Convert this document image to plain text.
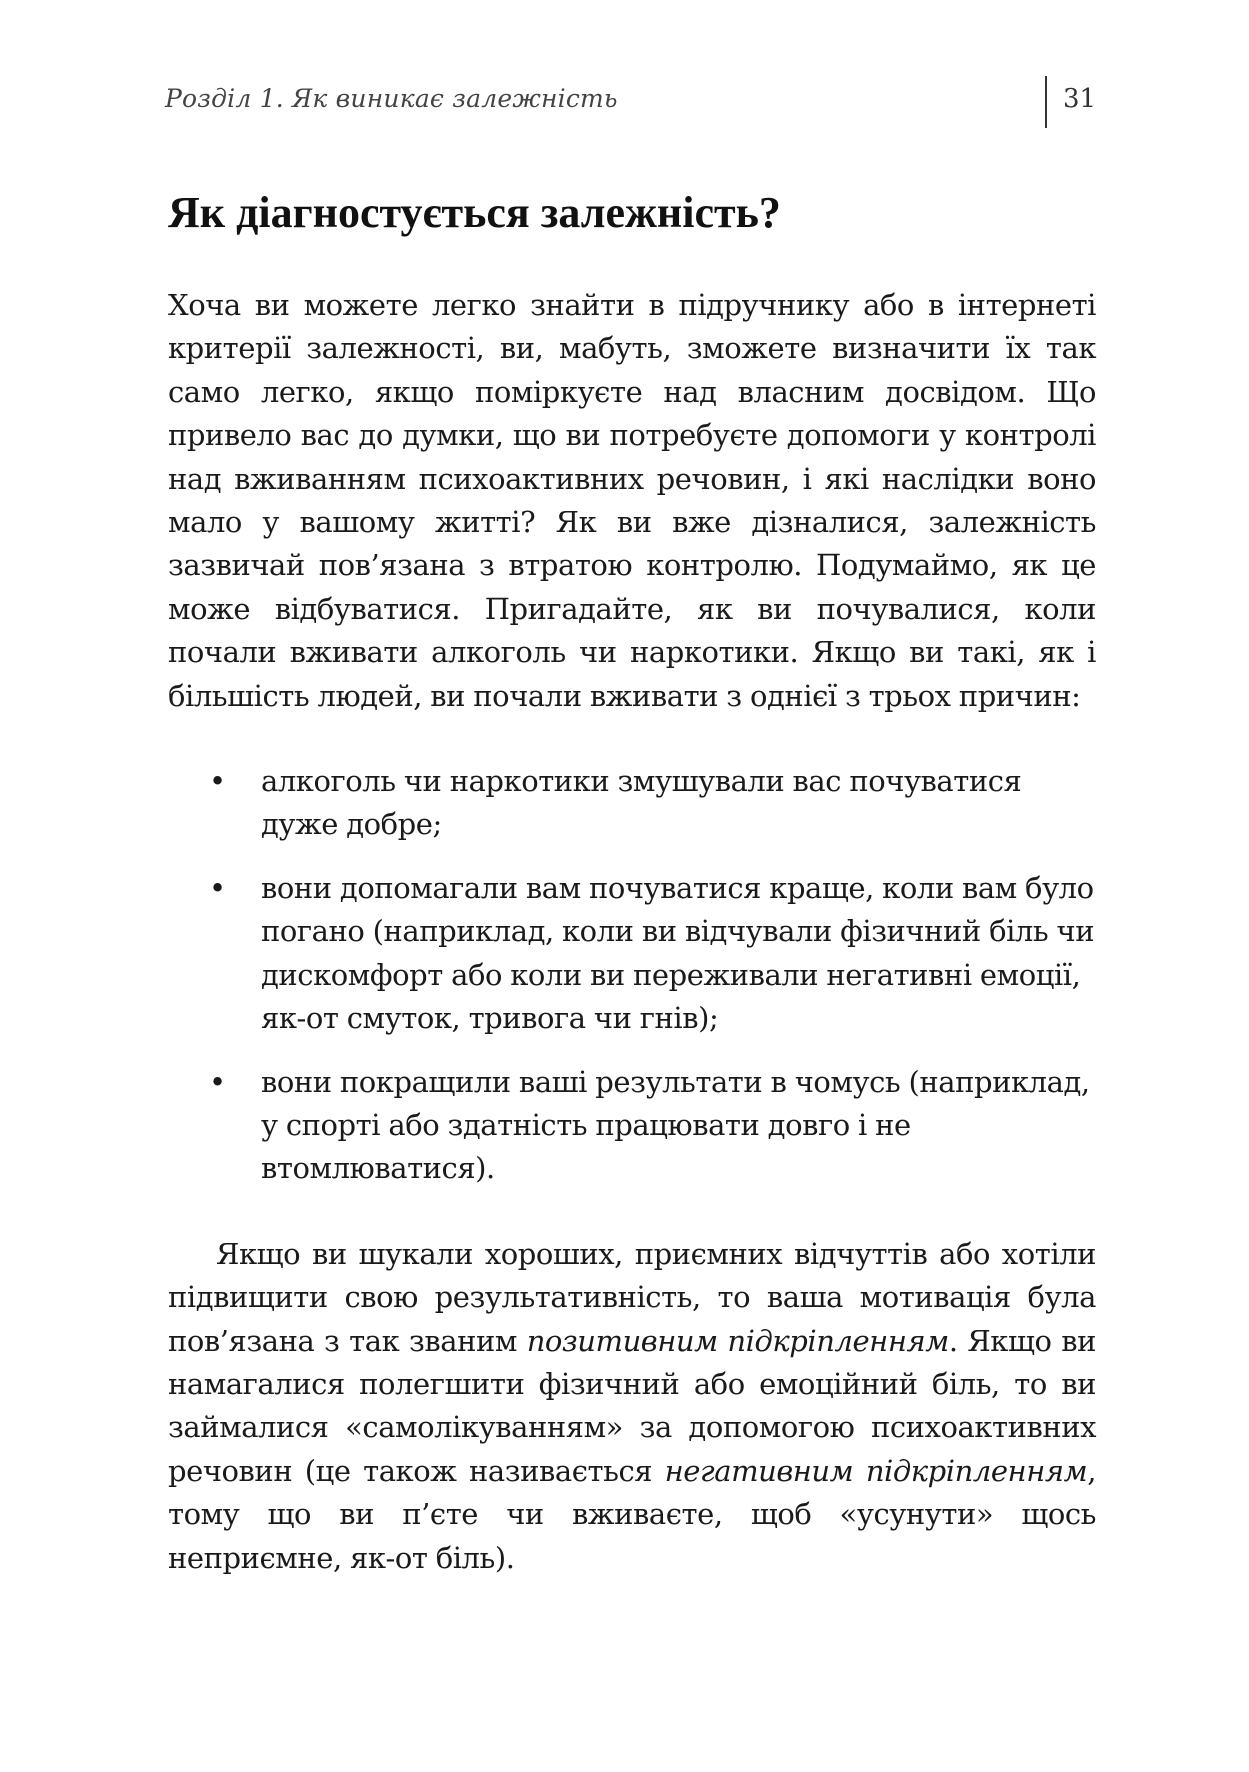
Розділ 1. Як виникає залежність	31
Як діагностується залежність?

Хоча ви можете легко знайти в підручнику або в інтернеті критерії залежності, ви, мабуть, зможете визначити їх так само легко, якщо поміркуєте над власним досвідом. Що привело вас до думки, що ви потребуєте допомоги у контролі над вживанням психоактивних речовин, і які наслідки воно мало у вашому житті? Як ви вже дізналися, залежність зазвичай пов’язана з втратою контролю. Подумаймо, як це може відбуватися. Пригадайте, як ви почувалися, коли почали вживати алкоголь чи наркотики. Якщо ви такі, як і більшість людей, ви почали вживати з однієї з трьох причин:

• алкоголь чи наркотики змушували вас почуватися дуже добре;
• вони допомагали вам почуватися краще, коли вам було погано (наприклад, коли ви відчували фізичний біль чи дискомфорт або коли ви переживали негативні емоції, як-от смуток, тривога чи гнів);
• вони покращили ваші результати в чомусь (наприклад, у спорті або здатність працювати довго і не втомлюватися).

Якщо ви шукали хороших, приємних відчуттів або хотіли підвищити свою результативність, то ваша мотивація була пов’язана з так званим позитивним підкріпленням. Якщо ви намагалися полегшити фізичний або емоційний біль, то ви займалися «самолікуванням» за допомогою психоактивних речовин (це також називається негативним підкріпленням, тому що ви п’єте чи вживаєте, щоб «усунути» щось неприємне, як-от біль).
